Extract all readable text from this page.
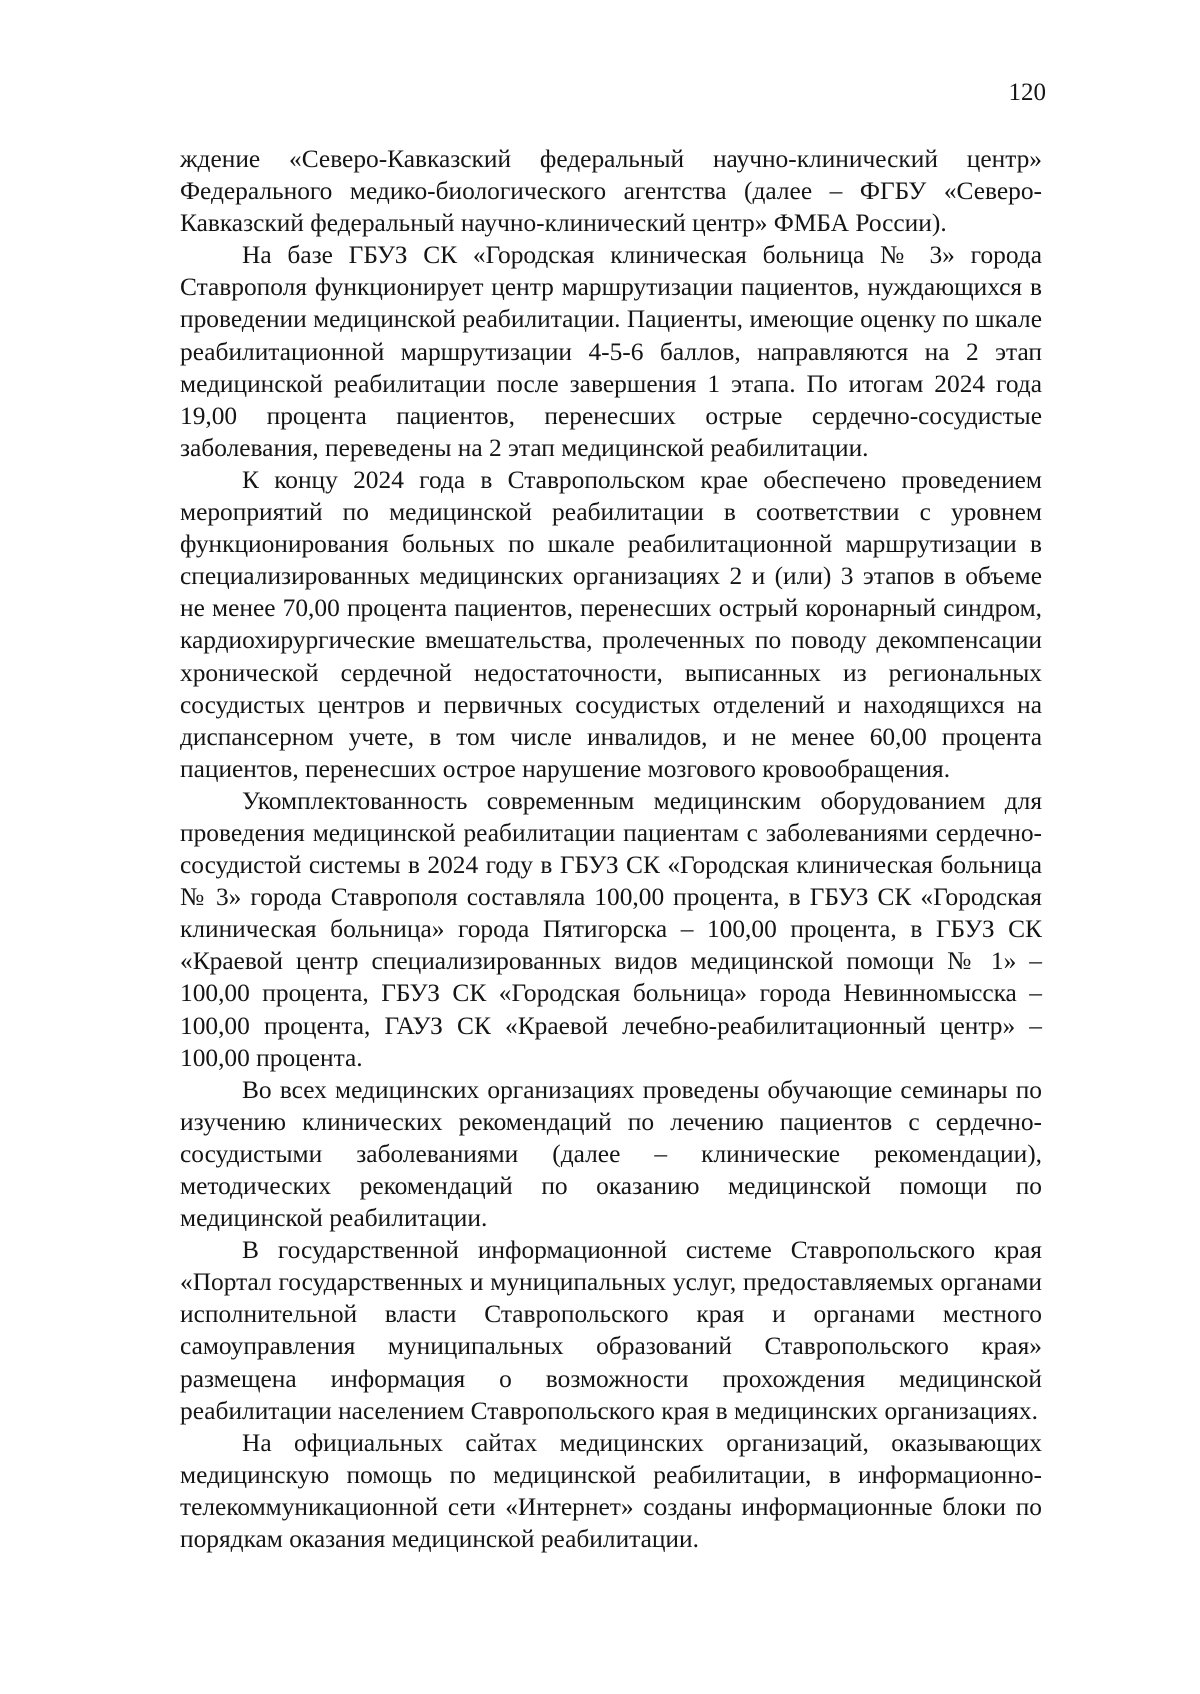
120

ждение «Северо-Кавказский федеральный научно-клинический центр» Федерального медико-биологического агентства (далее – ФГБУ «Северо-Кавказский федеральный научно-клинический центр» ФМБА России).

На базе ГБУЗ СК «Городская клиническая больница № 3» города Ставрополя функционирует центр маршрутизации пациентов, нуждающихся в проведении медицинской реабилитации. Пациенты, имеющие оценку по шкале реабилитационной маршрутизации 4-5-6 баллов, направляются на 2 этап медицинской реабилитации после завершения 1 этапа. По итогам 2024 года 19,00 процента пациентов, перенесших острые сердечно-сосудистые заболевания, переведены на 2 этап медицинской реабилитации.

К концу 2024 года в Ставропольском крае обеспечено проведением мероприятий по медицинской реабилитации в соответствии с уровнем функционирования больных по шкале реабилитационной маршрутизации в специализированных медицинских организациях 2 и (или) 3 этапов в объеме не менее 70,00 процента пациентов, перенесших острый коронарный синдром, кардиохирургические вмешательства, пролеченных по поводу декомпенсации хронической сердечной недостаточности, выписанных из региональных сосудистых центров и первичных сосудистых отделений и находящихся на диспансерном учете, в том числе инвалидов, и не менее 60,00 процента пациентов, перенесших острое нарушение мозгового кровообращения.

Укомплектованность современным медицинским оборудованием для проведения медицинской реабилитации пациентам с заболеваниями сердечно-сосудистой системы в 2024 году в ГБУЗ СК «Городская клиническая больница № 3» города Ставрополя составляла 100,00 процента, в ГБУЗ СК «Городская клиническая больница» города Пятигорска – 100,00 процента, в ГБУЗ СК «Краевой центр специализированных видов медицинской помощи № 1» – 100,00 процента, ГБУЗ СК «Городская больница» города Невинномысска – 100,00 процента, ГАУЗ СК «Краевой лечебно-реабилитационный центр» – 100,00 процента.

Во всех медицинских организациях проведены обучающие семинары по изучению клинических рекомендаций по лечению пациентов с сердечно-сосудистыми заболеваниями (далее – клинические рекомендации), методических рекомендаций по оказанию медицинской помощи по медицинской реабилитации.

В государственной информационной системе Ставропольского края «Портал государственных и муниципальных услуг, предоставляемых органами исполнительной власти Ставропольского края и органами местного самоуправления муниципальных образований Ставропольского края» размещена информация о возможности прохождения медицинской реабилитации населением Ставропольского края в медицинских организациях.

На официальных сайтах медицинских организаций, оказывающих медицинскую помощь по медицинской реабилитации, в информационно-телекоммуникационной сети «Интернет» созданы информационные блоки по порядкам оказания медицинской реабилитации.
